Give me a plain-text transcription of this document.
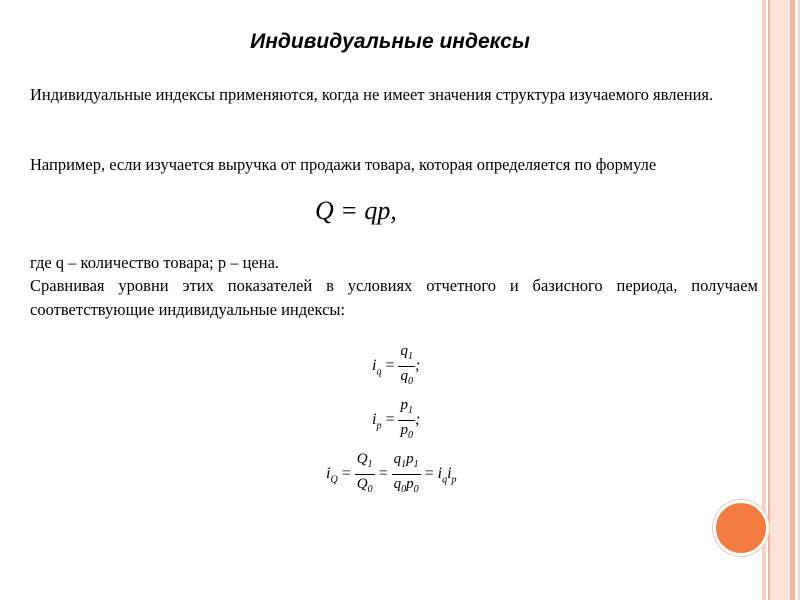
Индивидуальные индексы
Индивидуальные индексы применяются, когда не имеет значения структура изучаемого явления.
Например, если изучается выручка от продажи товара, которая определяется по формуле
Q = qp,
где q – количество товара; p – цена.
Сравнивая уровни этих показателей в условиях отчетного и базисного периода, получаем соответствующие индивидуальные индексы:
$i_q = \frac{q_1}{q_0}$ ;
$i_p = \frac{p_1}{p_0}$ ;
$i_Q = \frac{Q_1}{Q_0} = \frac{q_1p_1}{q_0p_0} = i_qi_p$
